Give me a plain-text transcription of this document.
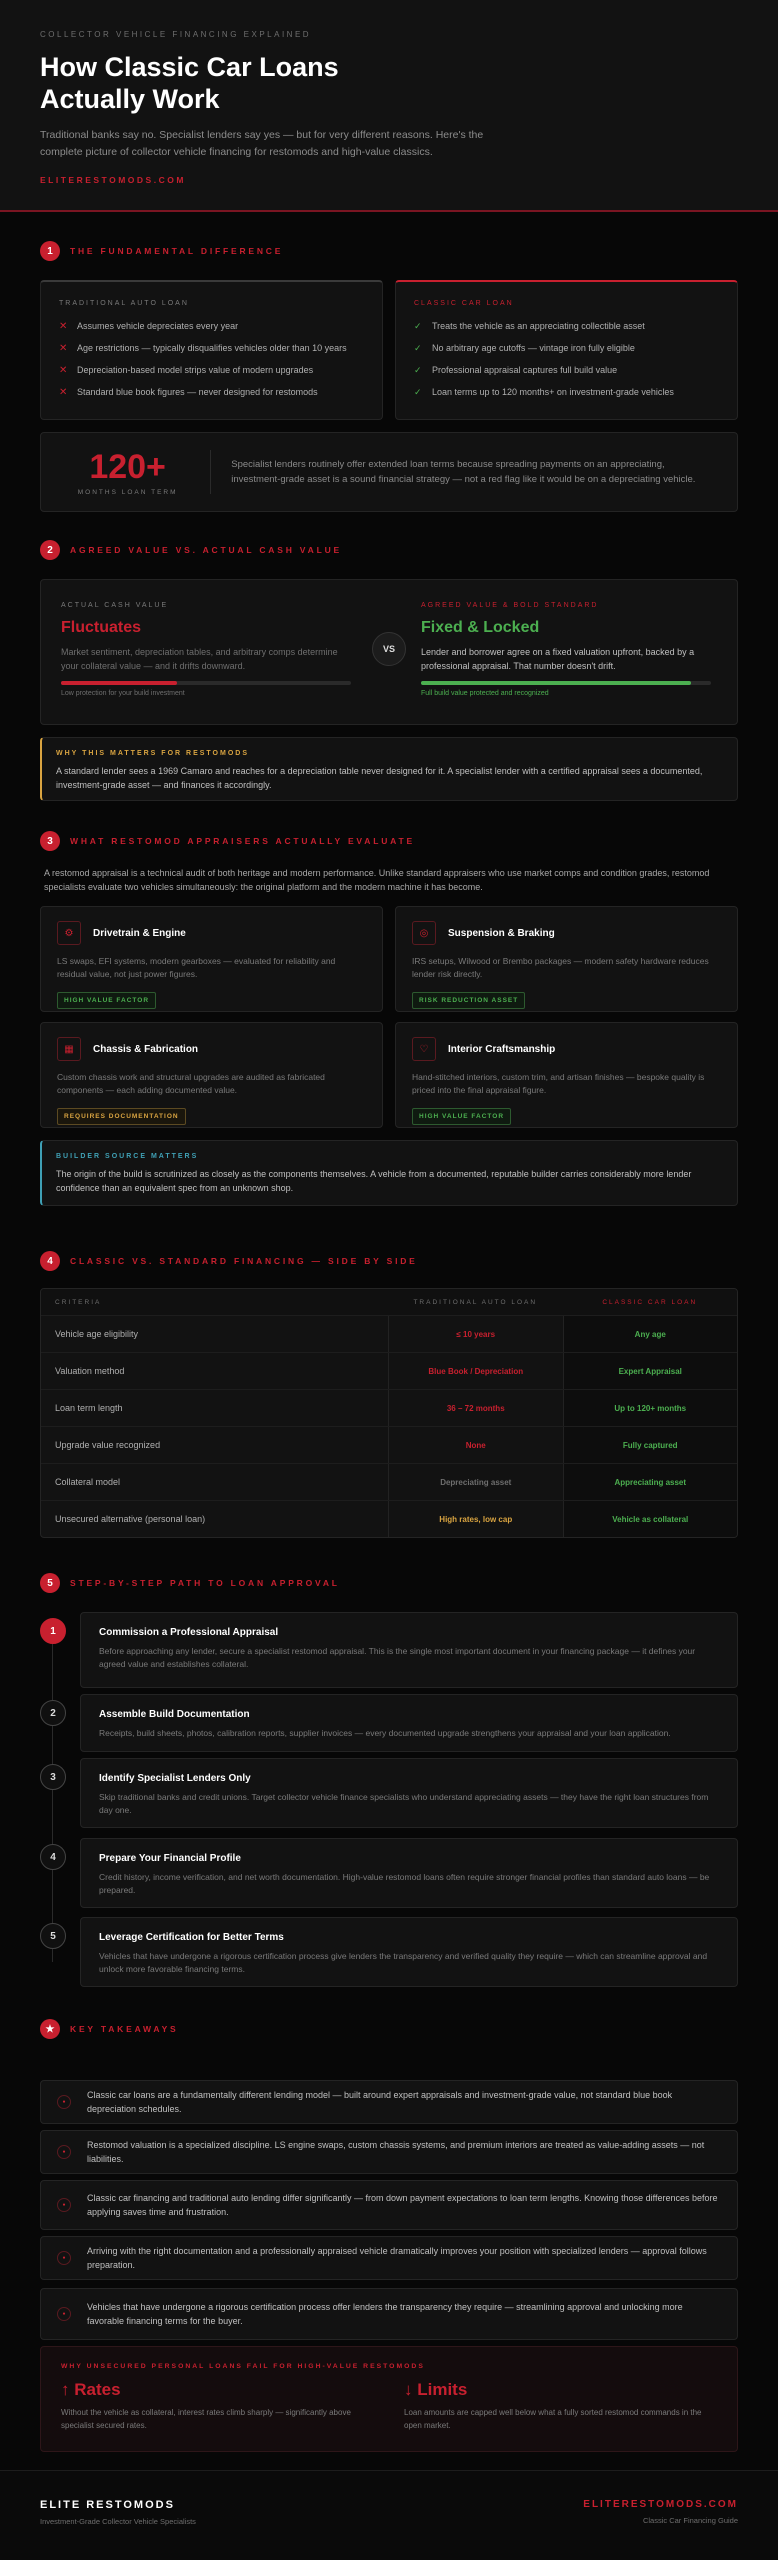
COLLECTOR VEHICLE FINANCING EXPLAINED
How Classic Car Loans Actually Work

Traditional banks say no. Specialist lenders say yes — but for very different reasons. Here's the complete picture of collector vehicle financing for restomods and high-value classics.

ELITERESTOMODS.COM
1	THE FUNDAMENTAL DIFFERENCE
TRADITIONAL AUTO LOAN
✕ Assumes vehicle depreciates every year
✕ Age restrictions — typically disqualifies vehicles older than 10 years
✕ Depreciation-based model strips value of modern upgrades
✕ Standard blue book figures — never designed for restomods
CLASSIC CAR LOAN
✓ Treats the vehicle as an appreciating collectible asset
✓ No arbitrary age cutoffs — vintage iron fully eligible
✓ Professional appraisal captures full build value
✓ Loan terms up to 120 months+ on investment-grade vehicles
120+
MONTHS LOAN TERM
Specialist lenders routinely offer extended loan terms because spreading payments on an appreciating, investment-grade asset is a sound financial strategy — not a red flag like it would be on a depreciating vehicle.
2	AGREED VALUE VS. ACTUAL CASH VALUE
ACTUAL CASH VALUE
Fluctuates
Market sentiment, depreciation tables, and arbitrary comps determine your collateral value — and it drifts downward.
Low protection for your build investment
VS
AGREED VALUE & BOLD STANDARD
Fixed & Locked
Lender and borrower agree on a fixed valuation upfront, backed by a professional appraisal. That number doesn't drift.
Full build value protected and recognized
WHY THIS MATTERS FOR RESTOMODS
A standard lender sees a 1969 Camaro and reaches for a depreciation table never designed for it. A specialist lender with a certified appraisal sees a documented, investment-grade asset — and finances it accordingly.
3	WHAT RESTOMOD APPRAISERS ACTUALLY EVALUATE
A restomod appraisal is a technical audit of both heritage and modern performance. Unlike standard appraisers who use market comps and condition grades, restomod specialists evaluate two vehicles simultaneously: the original platform and the modern machine it has become.
⚙	Drivetrain & Engine
LS swaps, EFI systems, modern gearboxes — evaluated for reliability and residual value, not just power figures.
HIGH VALUE FACTOR
◎	Suspension & Braking
IRS setups, Wilwood or Brembo packages — modern safety hardware reduces lender risk directly.
RISK REDUCTION ASSET
▦	Chassis & Fabrication
Custom chassis work and structural upgrades are audited as fabricated components — each adding documented value.
REQUIRES DOCUMENTATION
♡	Interior Craftsmanship
Hand-stitched interiors, custom trim, and artisan finishes — bespoke quality is priced into the final appraisal figure.
HIGH VALUE FACTOR
BUILDER SOURCE MATTERS
The origin of the build is scrutinized as closely as the components themselves. A vehicle from a documented, reputable builder carries considerably more lender confidence than an equivalent spec from an unknown shop.
4	CLASSIC VS. STANDARD FINANCING — SIDE BY SIDE
CRITERIA	TRADITIONAL AUTO LOAN	CLASSIC CAR LOAN
Vehicle age eligibility	≤ 10 years	Any age
Valuation method	Blue Book / Depreciation	Expert Appraisal
Loan term length	36 – 72 months	Up to 120+ months
Upgrade value recognized	None	Fully captured
Collateral model	Depreciating asset	Appreciating asset
Unsecured alternative (personal loan)	High rates, low cap	Vehicle as collateral
5	STEP-BY-STEP PATH TO LOAN APPROVAL
1	Commission a Professional Appraisal
Before approaching any lender, secure a specialist restomod appraisal. This is the single most important document in your financing package — it defines your agreed value and establishes collateral.
2	Assemble Build Documentation
Receipts, build sheets, photos, calibration reports, supplier invoices — every documented upgrade strengthens your appraisal and your loan application.
3	Identify Specialist Lenders Only
Skip traditional banks and credit unions. Target collector vehicle finance specialists who understand appreciating assets — they have the right loan structures from day one.
4	Prepare Your Financial Profile
Credit history, income verification, and net worth documentation. High-value restomod loans often require stronger financial profiles than standard auto loans — be prepared.
5	Leverage Certification for Better Terms
Vehicles that have undergone a rigorous certification process give lenders the transparency and verified quality they require — which can streamline approval and unlock more favorable financing terms.
★	KEY TAKEAWAYS
●
Classic car loans are a fundamentally different lending model — built around expert appraisals and investment-grade value, not standard blue book depreciation schedules.
●
Restomod valuation is a specialized discipline. LS engine swaps, custom chassis systems, and premium interiors are treated as value-adding assets — not liabilities.
●
Classic car financing and traditional auto lending differ significantly — from down payment expectations to loan term lengths. Knowing those differences before applying saves time and frustration.
●
Arriving with the right documentation and a professionally appraised vehicle dramatically improves your position with specialized lenders — approval follows preparation.
●
Vehicles that have undergone a rigorous certification process offer lenders the transparency they require — streamlining approval and unlocking more favorable financing terms for the buyer.
WHY UNSECURED PERSONAL LOANS FAIL FOR HIGH-VALUE RESTOMODS
↑ Rates
Without the vehicle as collateral, interest rates climb sharply — significantly above specialist secured rates.
↓ Limits
Loan amounts are capped well below what a fully sorted restomod commands in the open market.
ELITE RESTOMODS
Investment-Grade Collector Vehicle Specialists
ELITERESTOMODS.COM
Classic Car Financing Guide
